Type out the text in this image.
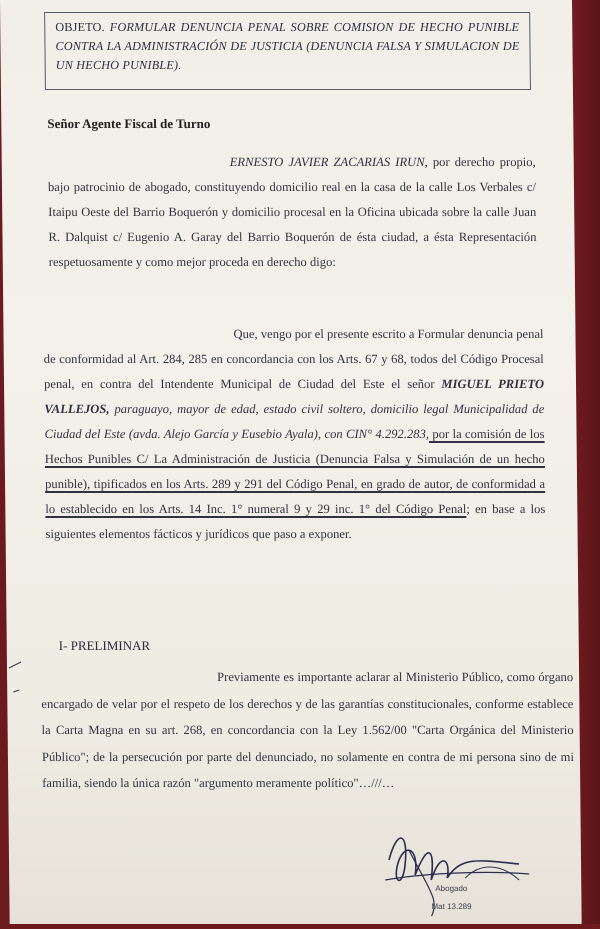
OBJETO. FORMULAR DENUNCIA PENAL SOBRE COMISION DE HECHO PUNIBLE CONTRA LA ADMINISTRACIÓN DE JUSTICIA (DENUNCIA FALSA Y SIMULACION DE UN HECHO PUNIBLE).
Señor Agente Fiscal de Turno
ERNESTO JAVIER ZACARIAS IRUN, por derecho propio, bajo patrocinio de abogado, constituyendo domicilio real en la casa de la calle Los Verbales c/ Itaipu Oeste del Barrio Boquerón y domicilio procesal en la Oficina ubicada sobre la calle Juan R. Dalquist c/ Eugenio A. Garay del Barrio Boquerón de ésta ciudad, a ésta Representación respetuosamente y como mejor proceda en derecho digo:
Que, vengo por el presente escrito a Formular denuncia penal de conformidad al Art. 284, 285 en concordancia con los Arts. 67 y 68, todos del Código Procesal penal, en contra del Intendente Municipal de Ciudad del Este el señor MIGUEL PRIETO VALLEJOS, paraguayo, mayor de edad, estado civil soltero, domicilio legal Municipalidad de Ciudad del Este (avda. Alejo García y Eusebio Ayala), con CIN° 4.292.283, por la comisión de los Hechos Punibles C/ La Administración de Justicia (Denuncia Falsa y Simulación de un hecho punible), tipificados en los Arts. 289 y 291 del Código Penal, en grado de autor, de conformidad a lo establecido en los Arts. 14 Inc. 1° numeral 9 y 29 inc. 1° del Código Penal; en base a los siguientes elementos fácticos y jurídicos que paso a exponer.
I- PRELIMINAR
Previamente es importante aclarar al Ministerio Público, como órgano encargado de velar por el respeto de los derechos y de las garantías constitucionales, conforme establece la Carta Magna en su art. 268, en concordancia con la Ley 1.562/00 "Carta Orgánica del Ministerio Público"; de la persecución por parte del denunciado, no solamente en contra de mi persona sino de mi familia, siendo la única razón "argumento meramente político"…///…
Abogado
Mat 13.289
